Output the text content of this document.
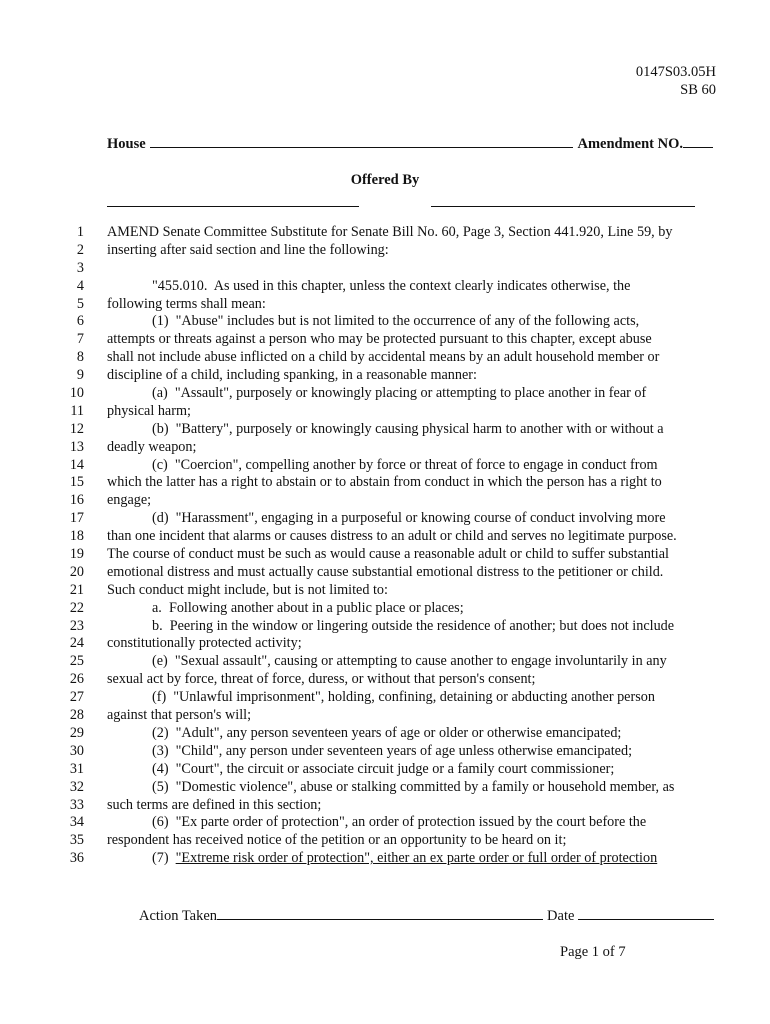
0147S03.05H
SB 60
House	Amendment NO.
Offered By
1 AMEND Senate Committee Substitute for Senate Bill No. 60, Page 3, Section 441.920, Line 59, by
2 inserting after said section and line the following:
3
4	"455.010.  As used in this chapter, unless the context clearly indicates otherwise, the
5 following terms shall mean:
6	(1)  "Abuse" includes but is not limited to the occurrence of any of the following acts,
7 attempts or threats against a person who may be protected pursuant to this chapter, except abuse
8 shall not include abuse inflicted on a child by accidental means by an adult household member or
9 discipline of a child, including spanking, in a reasonable manner:
10	(a)  "Assault", purposely or knowingly placing or attempting to place another in fear of
11 physical harm;
12	(b)  "Battery", purposely or knowingly causing physical harm to another with or without a
13 deadly weapon;
14	(c)  "Coercion", compelling another by force or threat of force to engage in conduct from
15 which the latter has a right to abstain or to abstain from conduct in which the person has a right to
16 engage;
17	(d)  "Harassment", engaging in a purposeful or knowing course of conduct involving more
18 than one incident that alarms or causes distress to an adult or child and serves no legitimate purpose.
19 The course of conduct must be such as would cause a reasonable adult or child to suffer substantial
20 emotional distress and must actually cause substantial emotional distress to the petitioner or child.
21 Such conduct might include, but is not limited to:
22	a.  Following another about in a public place or places;
23	b.  Peering in the window or lingering outside the residence of another; but does not include
24 constitutionally protected activity;
25	(e)  "Sexual assault", causing or attempting to cause another to engage involuntarily in any
26 sexual act by force, threat of force, duress, or without that person's consent;
27	(f)  "Unlawful imprisonment", holding, confining, detaining or abducting another person
28 against that person's will;
29	(2)  "Adult", any person seventeen years of age or older or otherwise emancipated;
30	(3)  "Child", any person under seventeen years of age unless otherwise emancipated;
31	(4)  "Court", the circuit or associate circuit judge or a family court commissioner;
32	(5)  "Domestic violence", abuse or stalking committed by a family or household member, as
33 such terms are defined in this section;
34	(6)  "Ex parte order of protection", an order of protection issued by the court before the
35 respondent has received notice of the petition or an opportunity to be heard on it;
36	(7)  "Extreme risk order of protection", either an ex parte order or full order of protection
Action Taken	Date
Page 1 of 7
